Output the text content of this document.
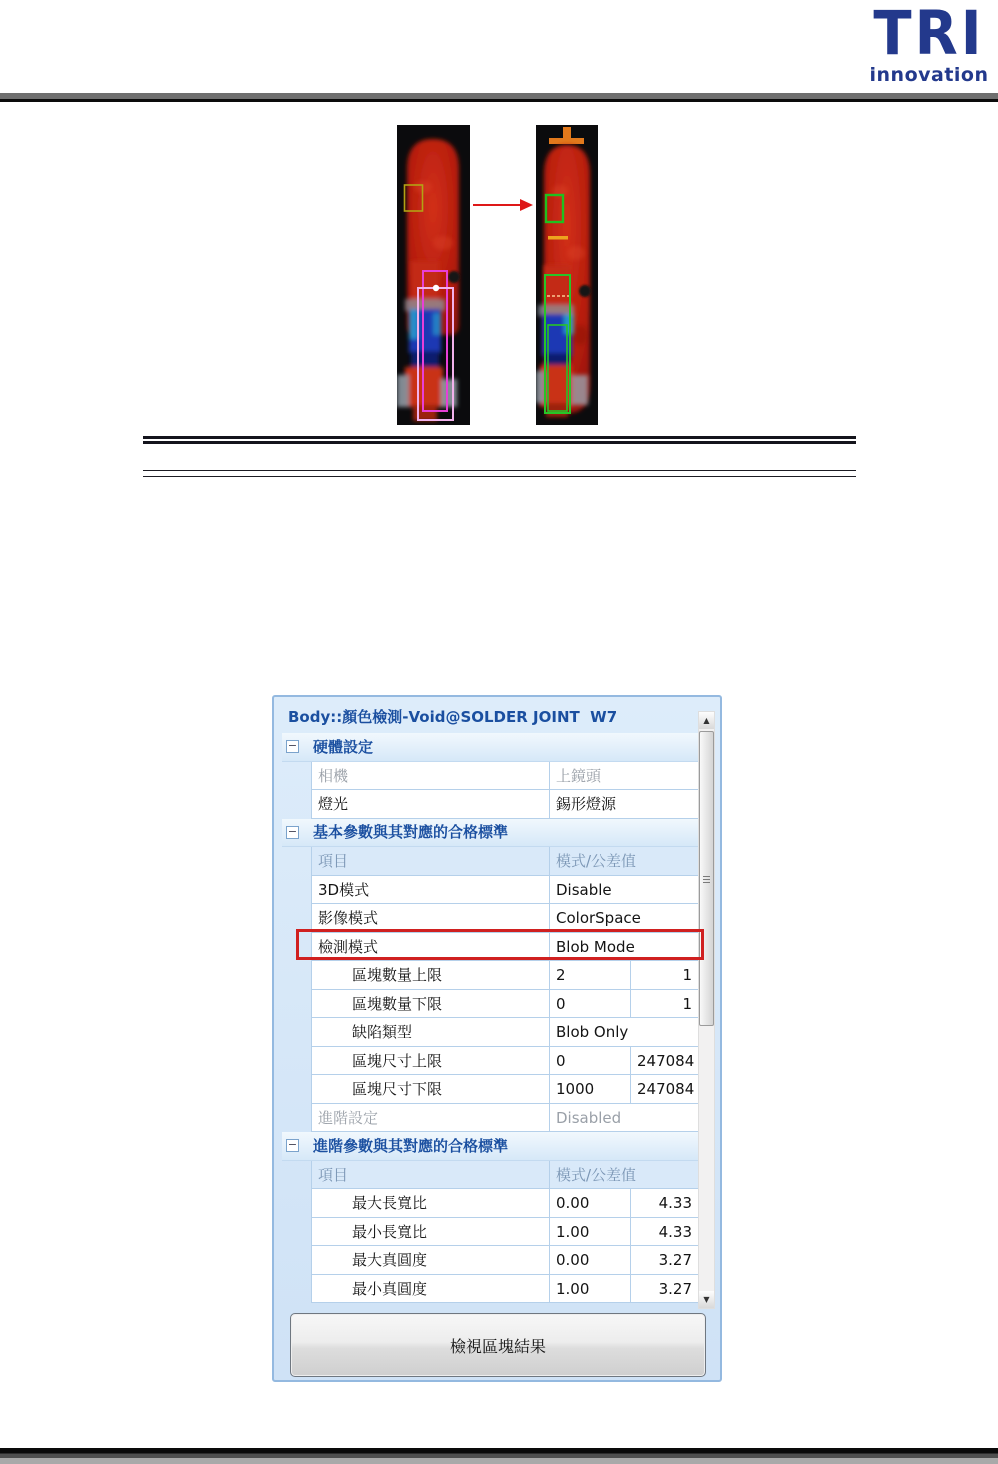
TRI
innovation
Body::顏色檢測-Void@SOLDER JOINT  W7
− 硬體設定
相機	上鏡頭
燈光	錫形燈源
− 基本參數與其對應的合格標準
項目	模式/公差值
3D模式	Disable
影像模式	ColorSpace
檢測模式	Blob Mode
區塊數量上限	2	1
區塊數量下限	0	1
缺陷類型	Blob Only
區塊尺寸上限	0	247084
區塊尺寸下限	1000	247084
進階設定	Disabled
− 進階參數與其對應的合格標準
項目	模式/公差值
最大長寬比	0.00	4.33
最小長寬比	1.00	4.33
最大真圓度	0.00	3.27
最小真圓度	1.00	3.27
▲
▼
檢視區塊結果
